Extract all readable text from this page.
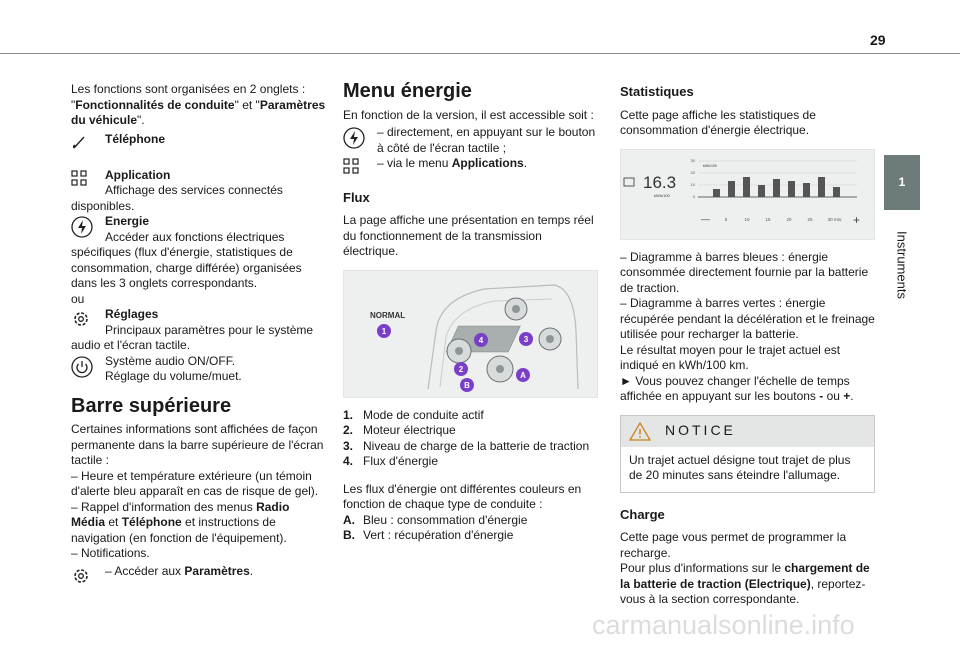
29
1
Instruments

Les fonctions sont organisées en 2 onglets : "Fonctionnalités de conduite" et "Paramètres du véhicule".

Téléphone
Application
Affichage des services connectés disponibles.
Energie
Accéder aux fonctions électriques spécifiques (flux d'énergie, statistiques de consommation, charge différée) organisées dans les 3 onglets correspondants.
ou
Réglages
Principaux paramètres pour le système audio et l'écran tactile.
Système audio ON/OFF.
Réglage du volume/muet.
Barre supérieure

Certaines informations sont affichées de façon permanente dans la barre supérieure de l'écran tactile :

– Heure et température extérieure (un témoin d'alerte bleu apparaît en cas de risque de gel).

– Rappel d'information des menus Radio Média et Téléphone et instructions de navigation (en fonction de l'équipement).

– Notifications.

– Accéder aux Paramètres.
Menu énergie

En fonction de la version, il est accessible soit :

– directement, en appuyant sur le bouton à côté de l'écran tactile ;
– via le menu Applications.
Flux

La page affiche une présentation en temps réel du fonctionnement de la transmission électrique.

NORMAL
1
2
3
4
A
B
1. Mode de conduite actif
2. Moteur électrique
3. Niveau de charge de la batterie de traction
4. Flux d'énergie

Les flux d'énergie ont différentes couleurs en fonction de chaque type de conduite :

A. Bleu : consommation d'énergie
B. Vert : récupération d'énergie
Statistiques

Cette page affiche les statistiques de consommation d'énergie électrique.

16.3
kWh/100
30
20
10
0
kWh/100
—	5	10	15	20	25	30 min. +

– Diagramme à barres bleues : énergie consommée directement fournie par la batterie de traction.

– Diagramme à barres vertes : énergie récupérée pendant la décélération et le freinage utilisée pour recharger la batterie.

Le résultat moyen pour le trajet actuel est indiqué en kWh/100 km.

► Vous pouvez changer l'échelle de temps affichée en appuyant sur les boutons - ou +.

NOTICE
Un trajet actuel désigne tout trajet de plus de 20 minutes sans éteindre l'allumage.
Charge

Cette page vous permet de programmer la recharge.

Pour plus d'informations sur le chargement de la batterie de traction (Electrique), reportez-vous à la section correspondante.

carmanualsonline.info
